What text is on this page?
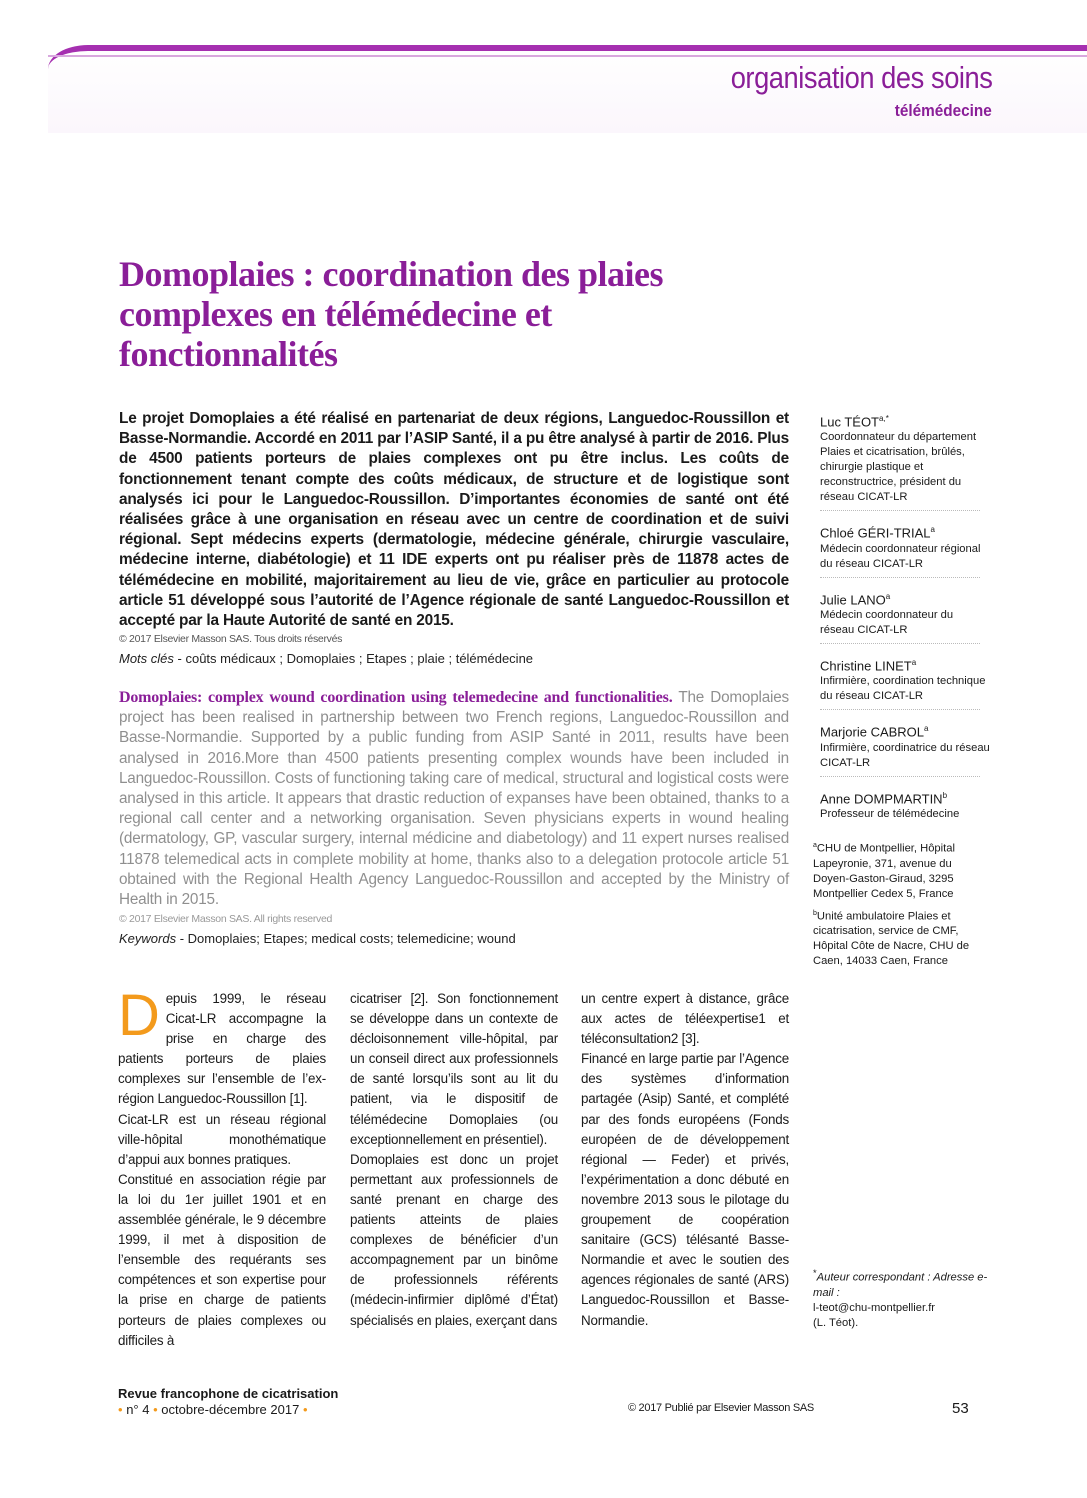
organisation des soins
télémédecine
Domoplaies : coordination des plaies complexes en télémédecine et fonctionnalités
Le projet Domoplaies a été réalisé en partenariat de deux régions, Languedoc-Roussillon et Basse-Normandie. Accordé en 2011 par l’ASIP Santé, il a pu être analysé à partir de 2016. Plus de 4500 patients porteurs de plaies complexes ont pu être inclus. Les coûts de fonctionnement tenant compte des coûts médicaux, de structure et de logistique sont analysés ici pour le Languedoc-Roussillon. D’importantes économies de santé ont été réalisées grâce à une organisation en réseau avec un centre de coordination et de suivi régional. Sept médecins experts (dermatologie, médecine générale, chirurgie vasculaire, médecine interne, diabétologie) et 11 IDE experts ont pu réaliser près de 11878 actes de télémédecine en mobilité, majoritairement au lieu de vie, grâce en particulier au protocole article 51 développé sous l’autorité de l’Agence régionale de santé Languedoc-Roussillon et accepté par la Haute Autorité de santé en 2015.
© 2017 Elsevier Masson SAS. Tous droits réservés
Mots clés - coûts médicaux ; Domoplaies ; Etapes ; plaie ; télémédecine
Domoplaies: complex wound coordination using telemedecine and functionalities. The Domoplaies project has been realised in partnership between two French regions, Languedoc-Roussillon and Basse-Normandie. Supported by a public funding from ASIP Santé in 2011, results have been analysed in 2016.More than 4500 patients presenting complex wounds have been included in Languedoc-Roussillon. Costs of functioning taking care of medical, structural and logistical costs were analysed in this article. It appears that drastic reduction of expanses have been obtained, thanks to a regional call center and a networking organisation. Seven physicians experts in wound healing (dermatology, GP, vascular surgery, internal médicine and diabetology) and 11 expert nurses realised 11878 telemedical acts in complete mobility at home, thanks also to a delegation protocole article 51 obtained with the Regional Health Agency Languedoc-Roussillon and accepted by the Ministry of Health in 2015.
© 2017 Elsevier Masson SAS. All rights reserved
Keywords - Domoplaies; Etapes; medical costs; telemedicine; wound
Luc $TÉOT^{a,*}$
Coordonnateur du département Plaies et cicatrisation, brûlés, chirurgie plastique et reconstructrice, président du réseau CICAT-LR
Chloé GÉRI-TRIAL$^a$
Médecin coordonnateur régional du réseau CICAT-LR
Julie LANO$^a$
Médecin coordonnateur du réseau CICAT-LR
Christine LINET$^a$
Infirmière, coordination technique du réseau CICAT-LR
Marjorie CABROL$^a$
Infirmière, coordinatrice du réseau CICAT-LR
Anne DOMPMARTIN$^b$
Professeur de télémédecine
$^a$CHU de Montpellier, Hôpital Lapeyronie, 371, avenue du Doyen-Gaston-Giraud, 3295 Montpellier Cedex 5, France
$^b$Unité ambulatoire Plaies et cicatrisation, service de CMF, Hôpital Côte de Nacre, CHU de Caen, 14033 Caen, France
*Auteur correspondant : Adresse e-mail :
l-teot@chu-montpellier.fr
(L. Téot).

Depuis 1999, le réseau Cicat-LR accompagne la prise en charge des patients porteurs de plaies complexes sur l’ensemble de l’ex-région Languedoc-Roussillon [1].

Cicat-LR est un réseau régional ville-hôpital monothématique d’appui aux bonnes pratiques.

Constitué en association régie par la loi du 1er juillet 1901 et en assemblée générale, le 9 décembre 1999, il met à disposition de l’ensemble des requérants ses compétences et son expertise pour la prise en charge de patients porteurs de plaies complexes ou difficiles à

cicatriser [2]. Son fonctionnement se développe dans un contexte de décloisonnement ville-hôpital, par un conseil direct aux professionnels de santé lorsqu’ils sont au lit du patient, via le dispositif de télémédecine Domoplaies (ou exceptionnellement en présentiel).

Domoplaies est donc un projet permettant aux professionnels de santé prenant en charge des patients atteints de plaies complexes de bénéficier d’un accompagnement par un binôme de professionnels référents (médecin-infirmier diplômé d’État) spécialisés en plaies, exerçant dans

un centre expert à distance, grâce aux actes de téléexpertise1 et téléconsultation2 [3].

Financé en large partie par l’Agence des systèmes d’information partagée (Asip) Santé, et complété par des fonds européens (Fonds européen de de développement régional — Feder) et privés, l’expérimentation a donc débuté en novembre 2013 sous le pilotage du groupement de coopération sanitaire (GCS) télésanté Basse-Normandie et avec le soutien des agences régionales de santé (ARS) Languedoc-Roussillon et Basse-Normandie.

Revue francophone de cicatrisation
• n° 4 • octobre-décembre 2017 •	© 2017 Publié par Elsevier Masson SAS	53
